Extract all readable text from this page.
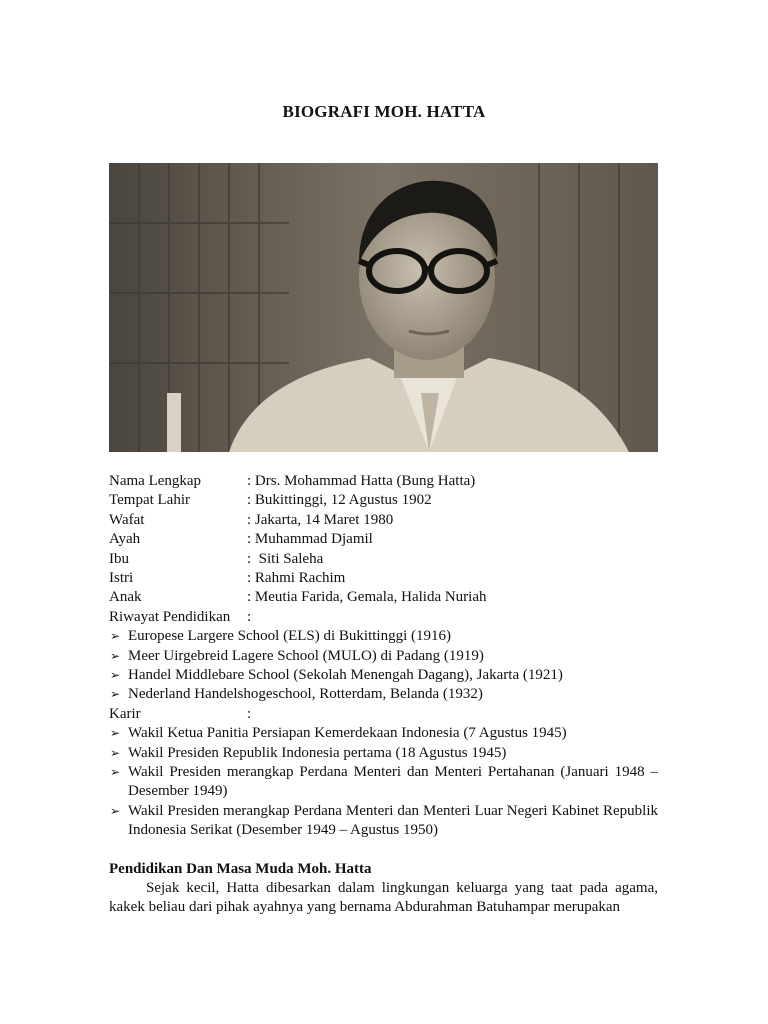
BIOGRAFI MOH. HATTA
Nama Lengkap	: Drs. Mohammad Hatta (Bung Hatta)
Tempat Lahir	: Bukittinggi, 12 Agustus 1902
Wafat	: Jakarta, 14 Maret 1980
Ayah	: Muhammad Djamil
Ibu	:  Siti Saleha
Istri	: Rahmi Rachim
Anak	: Meutia Farida, Gemala, Halida Nuriah
Riwayat Pendidikan	:
➢ Europese Largere School (ELS) di Bukittinggi (1916)
➢ Meer Uirgebreid Lagere School (MULO) di Padang (1919)
➢ Handel Middlebare School (Sekolah Menengah Dagang), Jakarta (1921)
➢ Nederland Handelshogeschool, Rotterdam, Belanda (1932)
Karir	:
➢ Wakil Ketua Panitia Persiapan Kemerdekaan Indonesia (7 Agustus 1945)
➢ Wakil Presiden Republik Indonesia pertama (18 Agustus 1945)
➢ Wakil Presiden merangkap Perdana Menteri dan Menteri Pertahanan (Januari 1948 – Desember 1949)
➢ Wakil Presiden merangkap Perdana Menteri dan Menteri Luar Negeri Kabinet Republik Indonesia Serikat (Desember 1949 – Agustus 1950)
Pendidikan Dan Masa Muda Moh. Hatta
Sejak kecil, Hatta dibesarkan dalam lingkungan keluarga yang taat pada agama, kakek beliau dari pihak ayahnya yang bernama Abdurahman Batuhampar merupakan
